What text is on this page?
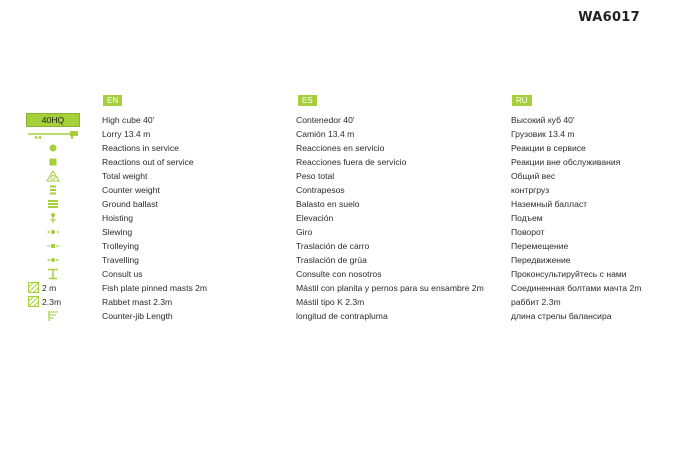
WA6017
EN	ES	RU
40HQ	High cube 40'	Contenedor 40'	Высокий куб 40'
Lorry 13.4 m	Camión 13.4 m	Грузовик 13.4 m
Reactions in service	Reacciones en servicio	Реакции в сервисе
Reactions out of service	Reacciones fuera de servicio	Реакции вне обслуживания
Total weight	Peso total	Общий вес
Counter weight	Contrapesos	контргруз
Ground ballast	Balasto en suelo	Наземный балласт
Hoisting	Elevación	Подъем
Slewing	Giro	Поворот
Trolleying	Traslación de carro	Перемещение
Travelling	Traslación de grúa	Передвижение
Consult us	Consulte con nosotros	Проконсультируйтесь с нами
2 m	Fish plate pinned masts 2m	Mástil con planita y pernos para su ensambre 2m	Соединенная болтами мачта 2m
2.3m	Rabbet mast 2.3m	Mástil tipo K 2.3m	раббит 2.3m
Counter-jib Length	longitud de contrapluma	длина стрелы балансира
